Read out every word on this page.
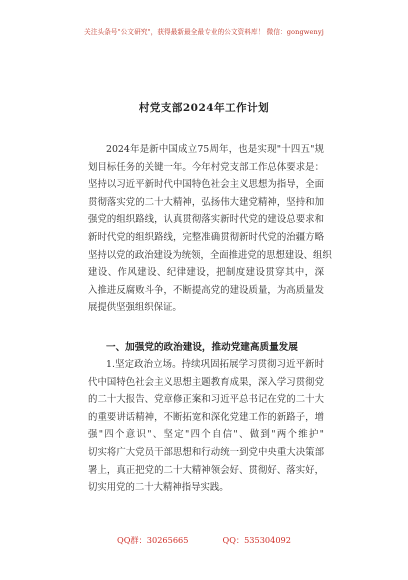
关注头条号"公文研究"，获得最新最全最专业的公文资料库！ 微信：gongwenyj
村党支部2024年工作计划
2024年是新中国成立75周年，也是实现"十四五"规
划目标任务的关键一年。今年村党支部工作总体要求是：
坚持以习近平新时代中国特色社会主义思想为指导，全面
贯彻落实党的二十大精神，弘扬伟大建党精神，坚持和加
强党的组织路线，认真贯彻落实新时代党的建设总要求和
新时代党的组织路线，完整准确贯彻新时代党的治疆方略
坚持以党的政治建设为统领，全面推进党的思想建设、组织
建设、作风建设、纪律建设，把制度建设贯穿其中，深
入推进反腐败斗争，不断提高党的建设质量，为高质量发
展提供坚强组织保证。
一、加强党的政治建设，推动党建高质量发展
1.坚定政治立场。持续巩固拓展学习贯彻习近平新时
代中国特色社会主义思想主题教育成果，深入学习贯彻党
的二十大报告、党章修正案和习近平总书记在党的二十大
的重要讲话精神，不断拓宽和深化党建工作的新路子，增
强"四个意识"、坚定"四个自信"、做到"两个维护"
切实将广大党员干部思想和行动统一到党中央重大决策部
署上，真正把党的二十大精神领会好、贯彻好、落实好，
切实用党的二十大精神指导实践。
QQ群：30265665	QQ：535304092
